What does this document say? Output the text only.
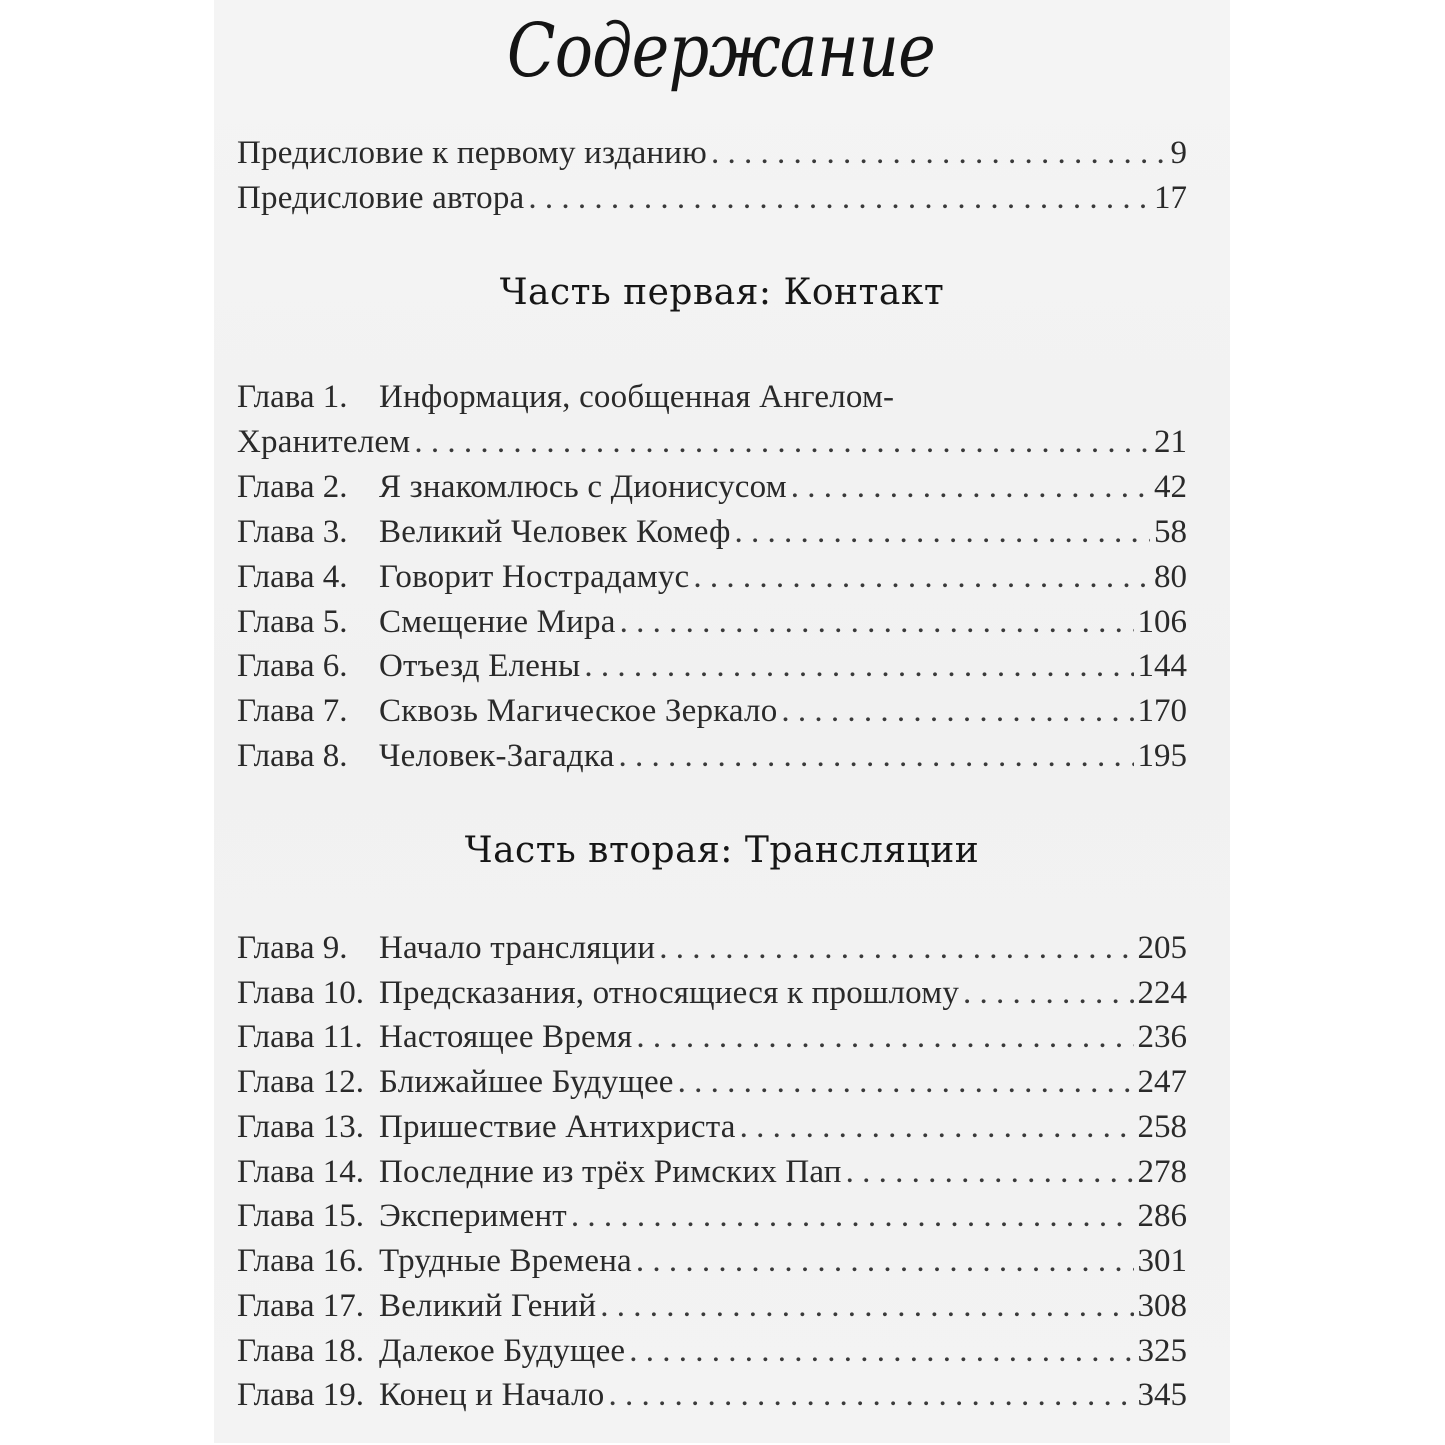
Содержание
Предисловие к первому изданию . . .	9
Предисловие автора . . .	17
Часть первая: Контакт
Глава 1. Информация, сообщенная Ангелом-
Хранителем . . .	21
Глава 2. Я знакомлюсь с Дионисусом . . .	42
Глава 3. Великий Человек Комеф . . .	58
Глава 4. Говорит Нострадамус . . .	80
Глава 5. Смещение Мира . . .	106
Глава 6. Отъезд Елены . . .	144
Глава 7. Сквозь Магическое Зеркало . . .	170
Глава 8. Человек-Загадка . . .	195
Часть вторая: Трансляции
Глава 9. Начало трансляции . . .	205
Глава 10. Предсказания, относящиеся к прошлому . . .	224
Глава 11. Настоящее Время . . .	236
Глава 12. Ближайшее Будущее . . .	247
Глава 13. Пришествие Антихриста . . .	258
Глава 14. Последние из трёх Римских Пап . . .	278
Глава 15. Эксперимент . . .	286
Глава 16. Трудные Времена . . .	301
Глава 17. Великий Гений . . .	308
Глава 18. Далекое Будущее . . .	325
Глава 19. Конец и Начало . . .	345
